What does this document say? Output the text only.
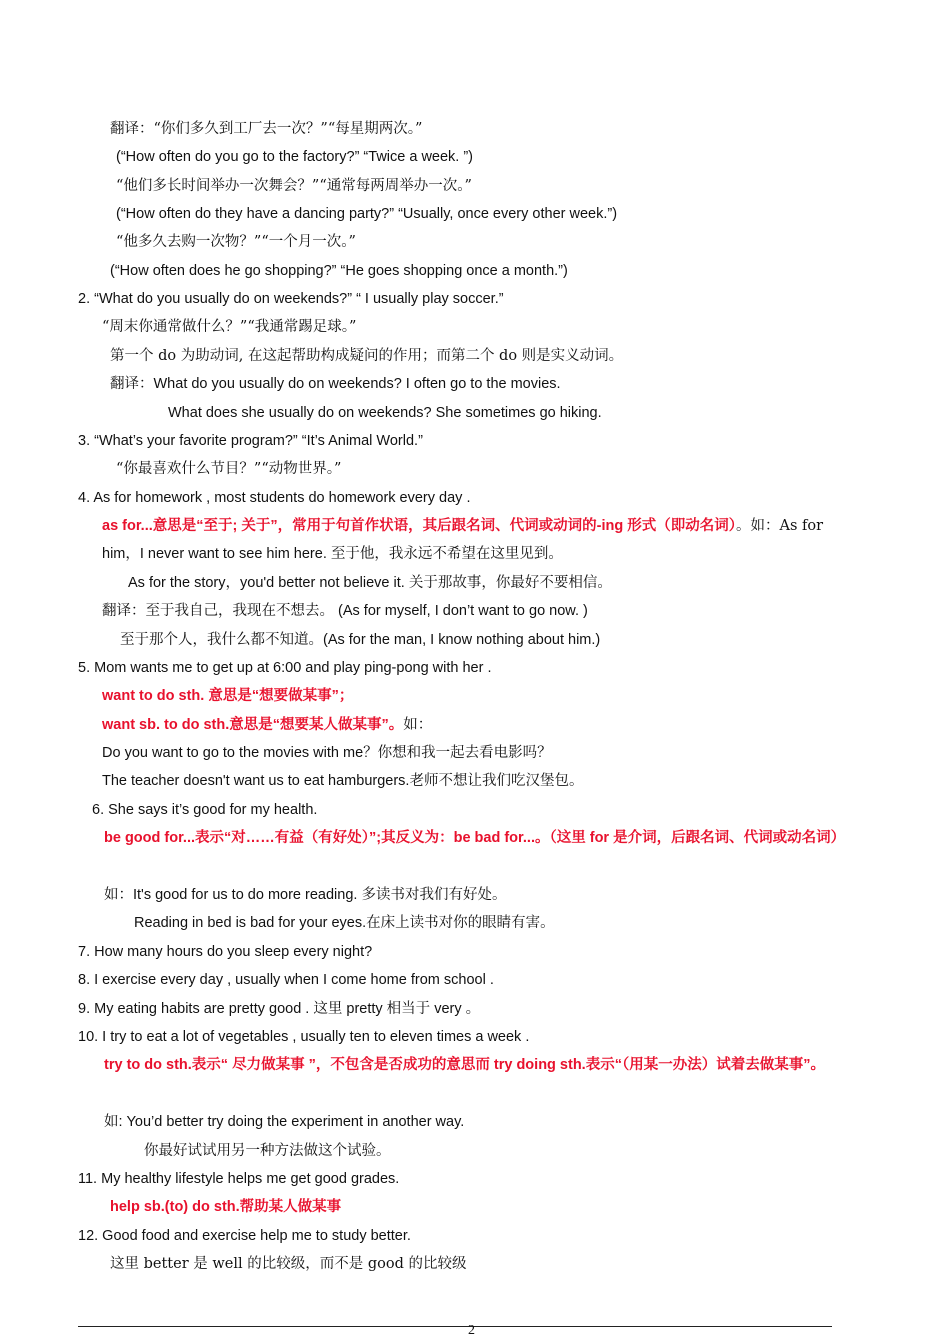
翻译：“你们多久到工厂去一次？”“每星期两次。”
(“How often do you go to the factory?” “Twice a week. ”)
“他们多长时间举办一次舞会？”“通常每两周举办一次。”
(“How often do they have a dancing party?” “Usually, once every other week.”)
“他多久去购一次物？”“一个月一次。”
(“How often does he go shopping?” “He goes shopping once a month.”)
2. “What do you usually do on weekends?” “ I usually play soccer.”
“周末你通常做什么？”“我通常踢足球。”
第一个 do 为助动词, 在这起帮助构成疑问的作用；而第二个 do 则是实义动词。
翻译：What do you usually do on weekends? I often go to the movies.
What does she usually do on weekends? She sometimes go hiking.
3. “What’s your favorite program?” “It’s Animal World.”
“你最喜欢什么节目？”“动物世界。”
4. As for homework , most students do homework every day .
as for...意思是“至于; 关于”，常用于句首作状语，其后跟名词、代词或动词的-ing 形式（即动名词）。如：As for
him，I never want to see him here. 至于他，我永远不希望在这里见到。
As for the story，you'd better not believe it. 关于那故事，你最好不要相信。
翻译：至于我自己，我现在不想去。 (As for myself, I don’t want to go now. )
至于那个人，我什么都不知道。(As for the man, I know nothing about him.)
5. Mom wants me to get up at 6:00 and play ping-pong with her .
want to do sth. 意思是“想要做某事”；
want sb. to do sth.意思是“想要某人做某事”。如：
Do you want to go to the movies with me？你想和我一起去看电影吗？
The teacher doesn't want us to eat hamburgers.老师不想让我们吃汉堡包。
6. She says it’s good for my health.
be good for...表示“对……有益（有好处）”;其反义为：be bad for...。（这里 for 是介词，后跟名词、代词或动名词）
如：It's good for us to do more reading. 多读书对我们有好处。
Reading in bed is bad for your eyes.在床上读书对你的眼睛有害。
7. How many hours do you sleep every night?
8. I exercise every day , usually when I come home from school .
9. My eating habits are pretty good . 这里 pretty 相当于 very 。
10. I try to eat a lot of vegetables , usually ten to eleven times a week .
try to do sth.表示“ 尽力做某事 ”，不包含是否成功的意思而 try doing sth.表示“（用某一办法）试着去做某事”。
如: You’d better try doing the experiment in another way.
你最好试试用另一种方法做这个试验。
11. My healthy lifestyle helps me get good grades.
help sb.(to) do sth.帮助某人做某事
12. Good food and exercise help me to study better.
这里 better 是 well 的比较级，而不是 good 的比较级
2
